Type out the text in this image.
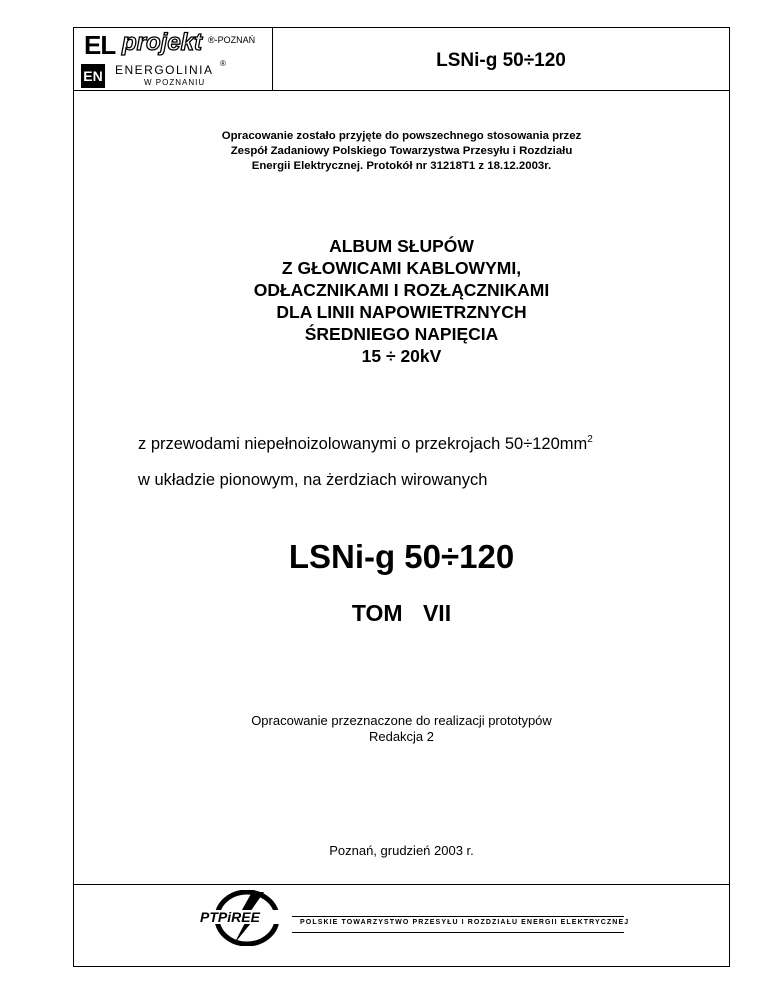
EL projekt ®-POZNAŃ
EN ENERGOLINIA ®
W POZNANIU
LSNi-g 50÷120
Opracowanie zostało przyjęte do powszechnego stosowania przez
Zespół Zadaniowy Polskiego Towarzystwa Przesyłu i Rozdziału
Energii Elektrycznej. Protokół nr 31218T1 z 18.12.2003r.
ALBUM SŁUPÓW
Z GŁOWICAMI KABLOWYMI,
ODŁACZNIKAMI I ROZŁĄCZNIKAMI
DLA LINII NAPOWIETRZNYCH
ŚREDNIEGO NAPIĘCIA
15 ÷ 20kV
z przewodami niepełnoizolowanymi o przekrojach $50\div 120mm^2$
w układzie pionowym, na żerdziach wirowanych
LSNi-g 50÷120
TOM VII
Opracowanie przeznaczone do realizacji prototypów
Redakcja 2
Poznań, grudzień 2003 r.
PTPiREE	POLSKIE TOWARZYSTWO PRZESYŁU I ROZDZIAŁU ENERGII ELEKTRYCZNEJ
